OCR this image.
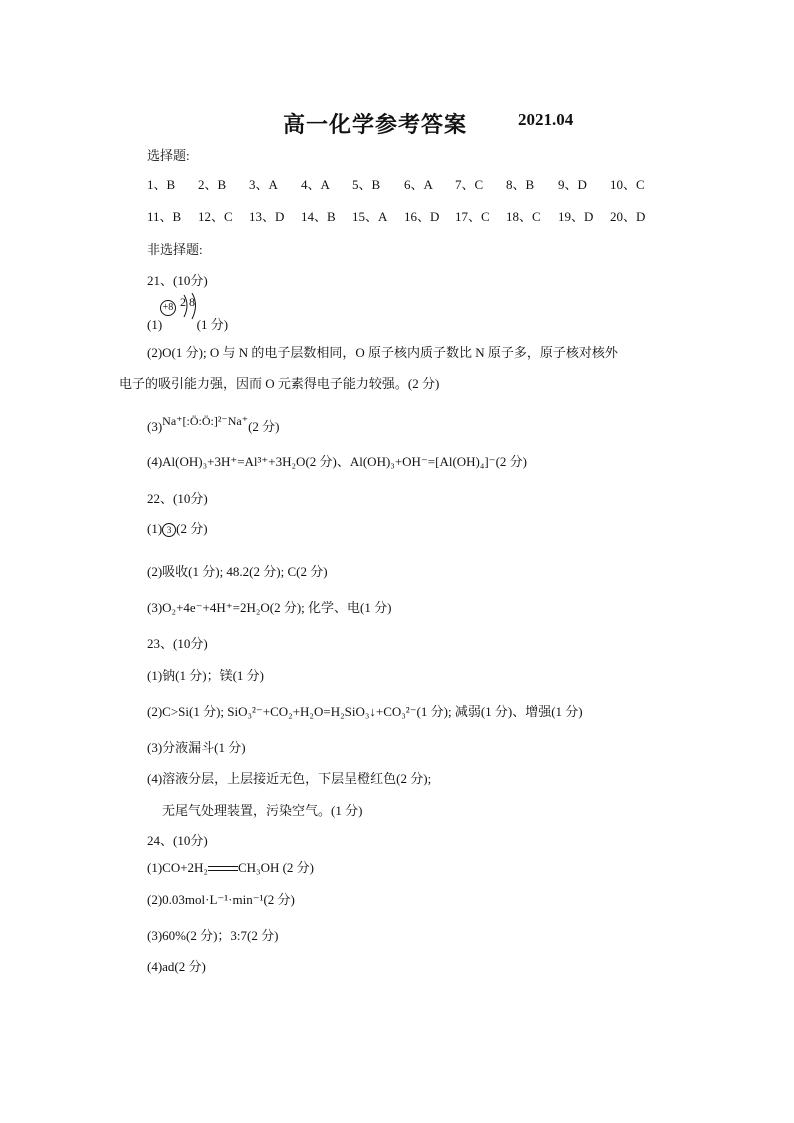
高一化学参考答案	2021.04
选择题:
1、B 2、B 3、A 4、A 5、B 6、A 7、C 8、B 9、D 10、C
11、B 12、C 13、D 14、B 15、A 16、D 17、C 18、C 19、D 20、D
非选择题:
21、(10分)
(1)	(1 分)
+8 $^{2 8}$
(2)O(1 分); O 与 N 的电子层数相同，O 原子核内质子数比 N 原子多，原子核对核外
电子的吸引能力强，因而 O 元素得电子能力较强。(2 分)
(3)Na⁺[:Ö:Ö:]²⁻Na⁺(2 分)
(4)Al(OH)₃+3H⁺=Al³⁺+3H₂O(2 分)、Al(OH)₃+OH⁻=[Al(OH)₄]⁻(2 分)
22、(10分)
(1) 3 (2 分)
(2)吸收(1 分); 48.2(2 分); C(2 分)
(3)O₂+4e⁻+4H⁺=2H₂O(2 分); 化学、电(1 分)
23、(10分)
(1)钠(1 分)；镁(1 分)
(2)C>Si(1 分); SiO₃²⁻+CO₂+H₂O=H₂SiO₃↓+CO₃²⁻(1 分); 减弱(1 分)、增强(1 分)
(3)分液漏斗(1 分)
(4)溶液分层，上层接近无色，下层呈橙红色(2 分);
无尾气处理装置，污染空气。(1 分)
24、(10分)
(1)CO+2H₂ CH₃OH (2 分)
(2)0.03mol·L⁻¹·min⁻¹(2 分)
(3)60%(2 分)；3:7(2 分)
(4)ad(2 分)
